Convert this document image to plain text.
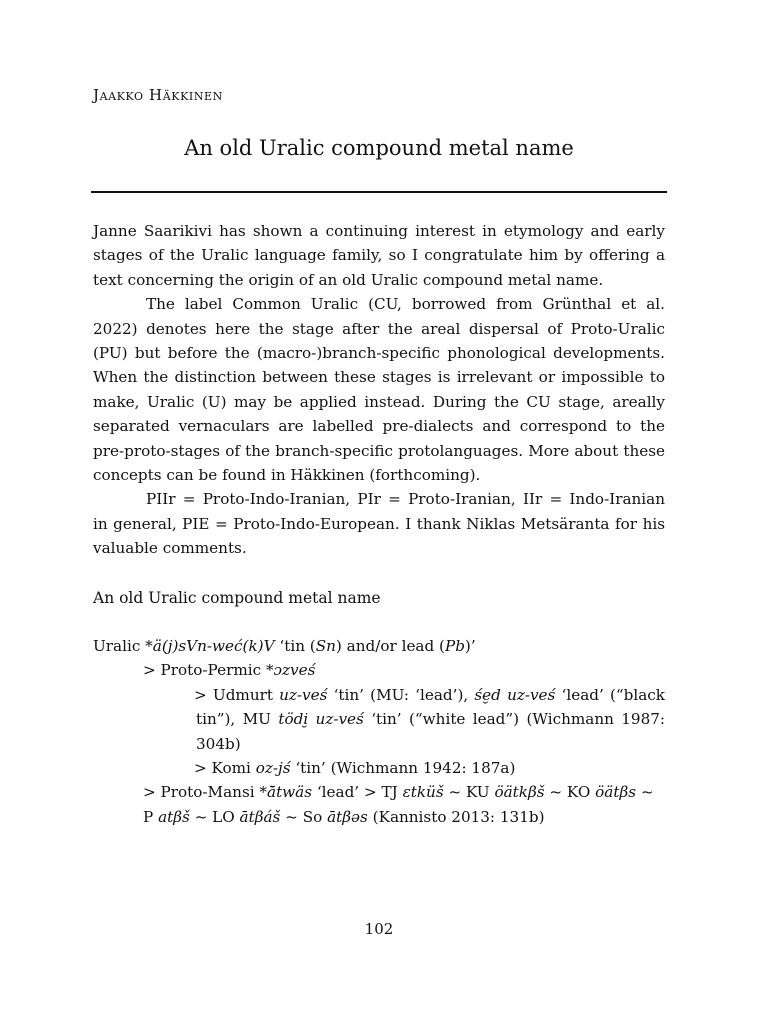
Jaakko Häkkinen
An old Uralic compound metal name

Janne Saarikivi has shown a continuing interest in etymology and early stages of the Uralic language family, so I congratulate him by offering a text concerning the origin of an old Uralic compound metal name.

The label Common Uralic (CU, borrowed from Grünthal et al. 2022) denotes here the stage after the areal dispersal of Proto-Uralic (PU) but before the (macro-)branch-specific phonological developments. When the distinction between these stages is irrelevant or impossible to make, Uralic (U) may be applied instead. During the CU stage, areally separated vernaculars are labelled pre-dialects and correspond to the pre-proto-stages of the branch-specific protolanguages. More about these concepts can be found in Häkkinen (forthcoming).

PIIr = Proto-Indo-Iranian, PIr = Proto-Iranian, IIr = Indo-Iranian in general, PIE = Proto-Indo-European. I thank Niklas Metsäranta for his valuable comments.

An old Uralic compound metal name

Uralic *ä(j)sVn-weć(k)V ‘tin (Sn) and/or lead (Pb)’

> Proto-Permic *ɔzveś

> Udmurt uz-veś ‘tin’ (MU: ‘lead’), śe̮d uz-veś ‘lead’ (“black tin”), MU tödi̮ uz-veś ‘tin’ (“white lead”) (Wichmann 1987: 304b)

> Komi oz-jś ‘tin’ (Wichmann 1942: 187a)

> Proto-Mansi *ā̆twäs ‘lead’ > TJ ɛtküš ~ KU öätkβš ~ KO öätβs ~ P atβš ~ LO ātβáš ~ So ātβəs (Kannisto 2013: 131b)

102
